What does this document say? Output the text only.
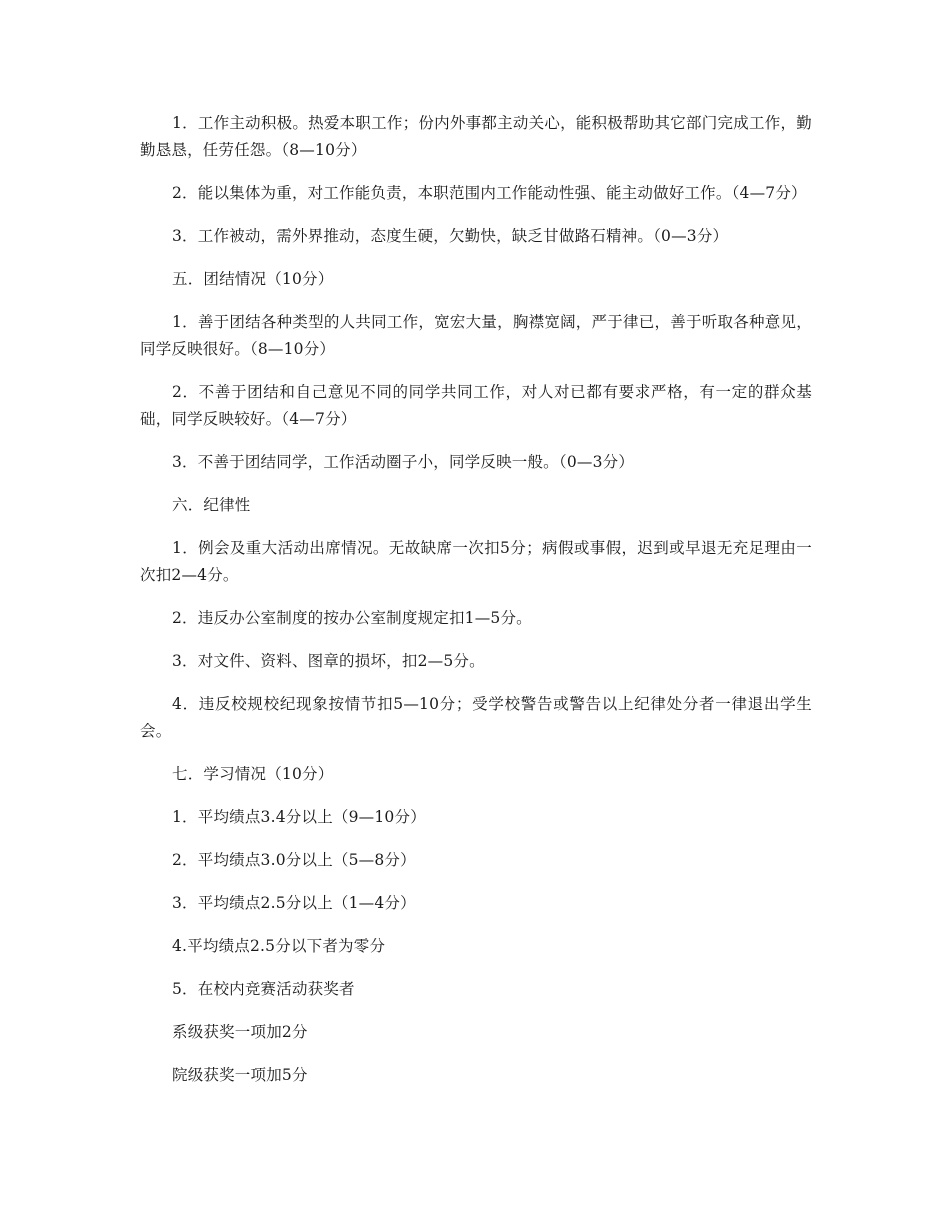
1．工作主动积极。热爱本职工作；份内外事都主动关心，能积极帮助其它部门完成工作，勤勤恳恳，任劳任怨。（8—10分）

2．能以集体为重，对工作能负责，本职范围内工作能动性强、能主动做好工作。（4—7分）

3．工作被动，需外界推动，态度生硬，欠勤快，缺乏甘做路石精神。（0—3分）

五．团结情况（10分）

1．善于团结各种类型的人共同工作，宽宏大量，胸襟宽阔，严于律已，善于听取各种意见，同学反映很好。（8—10分）

2．不善于团结和自己意见不同的同学共同工作，对人对已都有要求严格，有一定的群众基础，同学反映较好。（4—7分）

3．不善于团结同学，工作活动圈子小，同学反映一般。（0—3分）

六．纪律性

1．例会及重大活动出席情况。无故缺席一次扣5分；病假或事假，迟到或早退无充足理由一次扣2—4分。

2．违反办公室制度的按办公室制度规定扣1—5分。

3．对文件、资料、图章的损坏，扣2—5分。

4．违反校规校纪现象按情节扣5—10分；受学校警告或警告以上纪律处分者一律退出学生会。

七．学习情况（10分）

1．平均绩点3.4分以上（9—10分）

2．平均绩点3.0分以上（5—8分）

3．平均绩点2.5分以上（1—4分）

4.平均绩点2.5分以下者为零分

5．在校内竞赛活动获奖者

系级获奖一项加2分

院级获奖一项加5分
